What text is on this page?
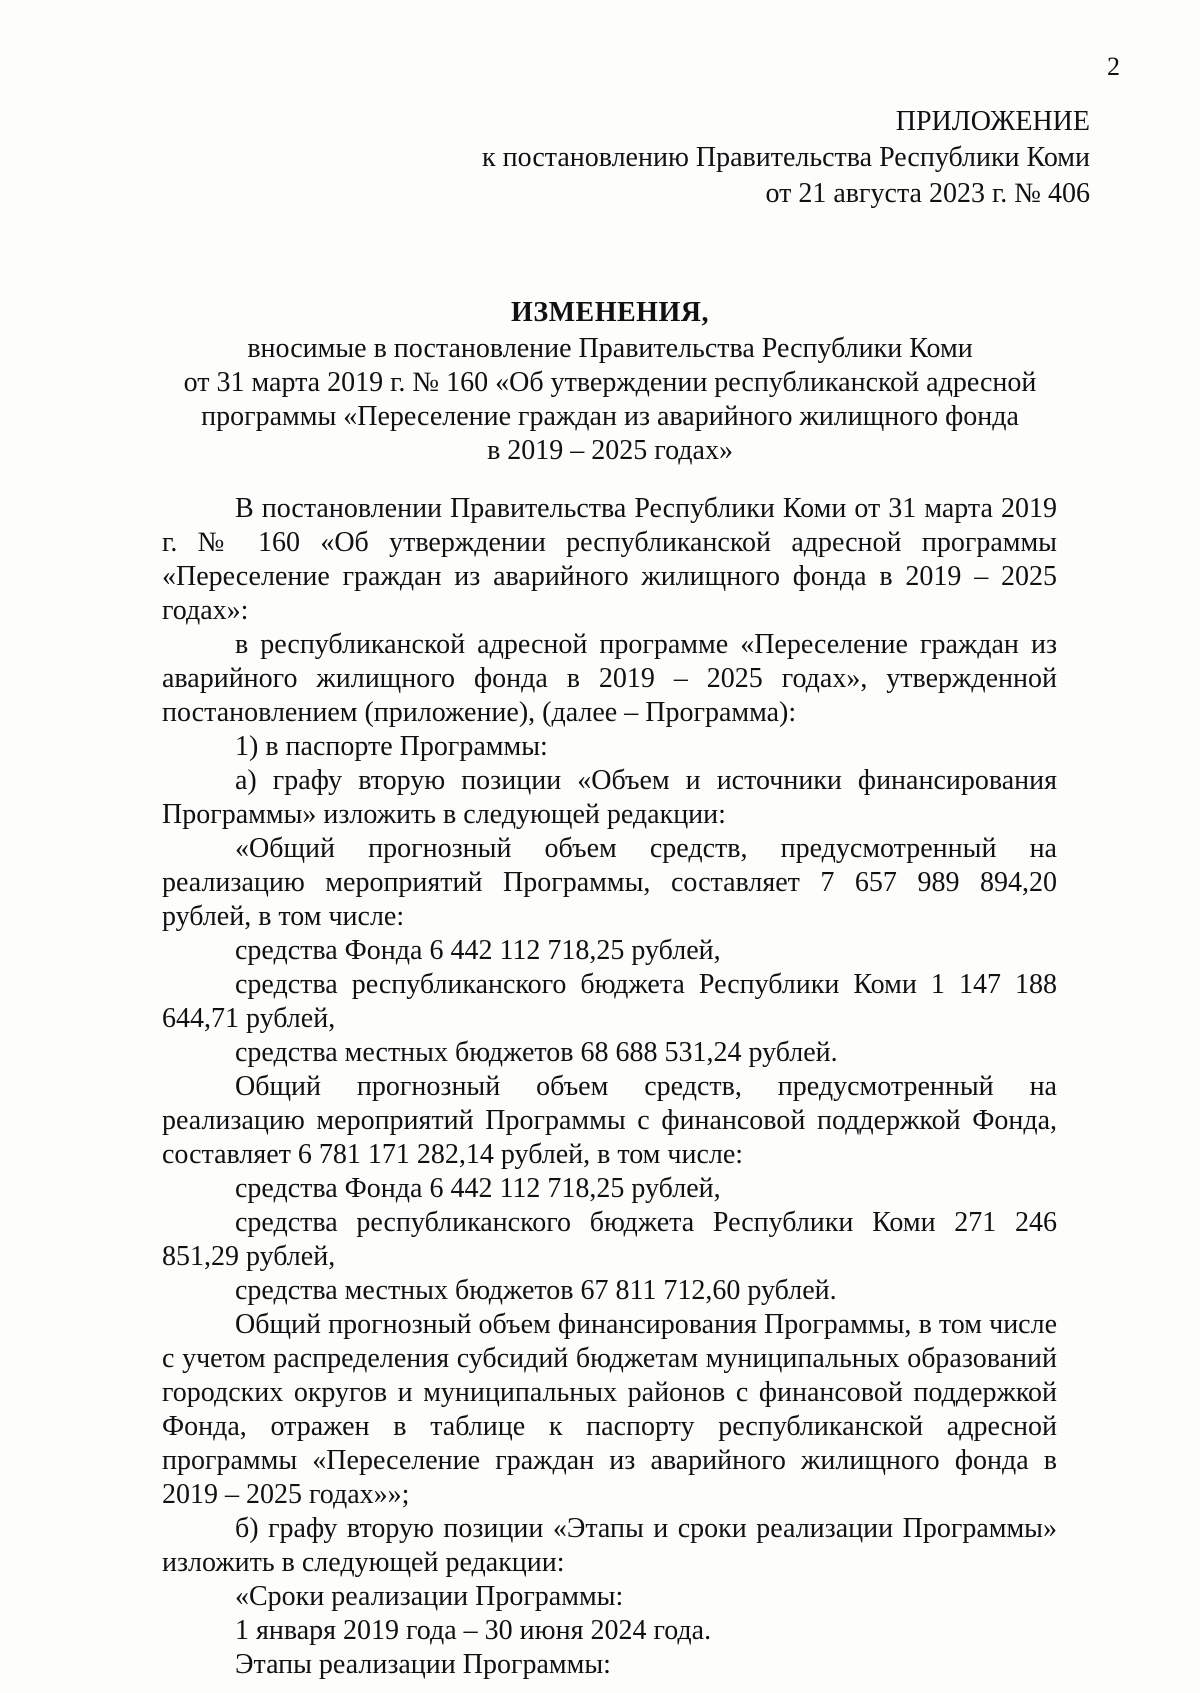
2
ПРИЛОЖЕНИЕ
к постановлению Правительства Республики Коми
от 21 августа 2023 г. № 406
ИЗМЕНЕНИЯ,
вносимые в постановление Правительства Республики Коми
от 31 марта 2019 г. № 160 «Об утверждении республиканской адресной
программы «Переселение граждан из аварийного жилищного фонда
в 2019 – 2025 годах»

В постановлении Правительства Республики Коми от 31 марта 2019 г. № 160 «Об утверждении республиканской адресной программы «Переселение граждан из аварийного жилищного фонда в 2019 – 2025 годах»:

в республиканской адресной программе «Переселение граждан из аварийного жилищного фонда в 2019 – 2025 годах», утвержденной постановлением (приложение), (далее – Программа):

1) в паспорте Программы:

а) графу вторую позиции «Объем и источники финансирования Программы» изложить в следующей редакции:

«Общий прогнозный объем средств, предусмотренный на реализацию мероприятий Программы, составляет 7 657 989 894,20 рублей, в том числе:

средства Фонда 6 442 112 718,25 рублей,

средства республиканского бюджета Республики Коми 1 147 188 644,71 рублей,

средства местных бюджетов 68 688 531,24 рублей.

Общий прогнозный объем средств, предусмотренный на реализацию мероприятий Программы с финансовой поддержкой Фонда, составляет 6 781 171 282,14 рублей, в том числе:

средства Фонда 6 442 112 718,25 рублей,

средства республиканского бюджета Республики Коми 271 246 851,29 рублей,

средства местных бюджетов 67 811 712,60 рублей.

Общий прогнозный объем финансирования Программы, в том числе с учетом распределения субсидий бюджетам муниципальных образований городских округов и муниципальных районов с финансовой поддержкой Фонда, отражен в таблице к паспорту республиканской адресной программы «Переселение граждан из аварийного жилищного фонда в 2019 – 2025 годах»»;

б) графу вторую позиции «Этапы и сроки реализации Программы» изложить в следующей редакции:

«Сроки реализации Программы:

1 января 2019 года – 30 июня 2024 года.

Этапы реализации Программы:
